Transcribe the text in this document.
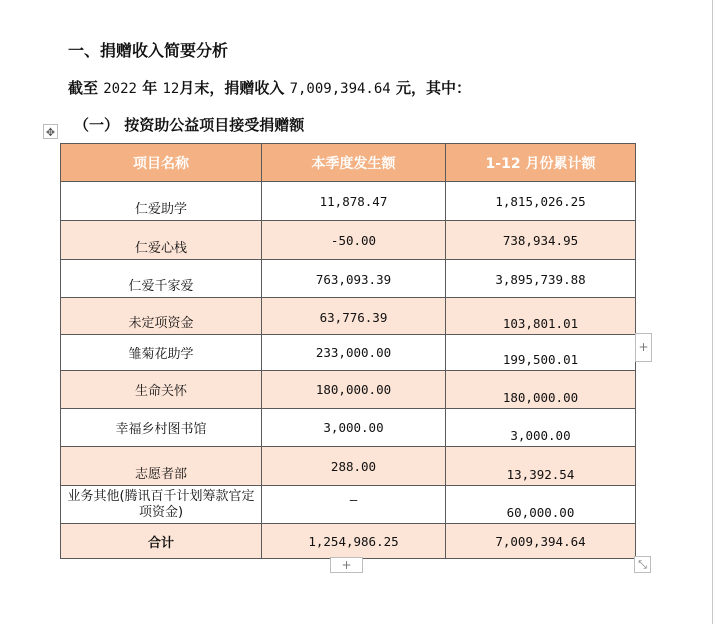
一、捐赠收入简要分析
截至 2022 年 12月末，捐赠收入 7,009,394.64 元，其中：
（一） 按资助公益项目接受捐赠额
✥
项目名称	本季度发生额	1-12 月份累计额
仁爱助学	11,878.47	1,815,026.25
仁爱心栈	-50.00	738,934.95
仁爱千家爱	763,093.39	3,895,739.88
未定项资金	63,776.39	103,801.01
雏菊花助学	233,000.00	199,500.01
生命关怀	180,000.00	180,000.00
幸福乡村图书馆	3,000.00	3,000.00
志愿者部	288.00	13,392.54
业务其他(腾讯百千计划筹款官定项资金)	—	60,000.00
合计	1,254,986.25	7,009,394.64
+
+	⤡
